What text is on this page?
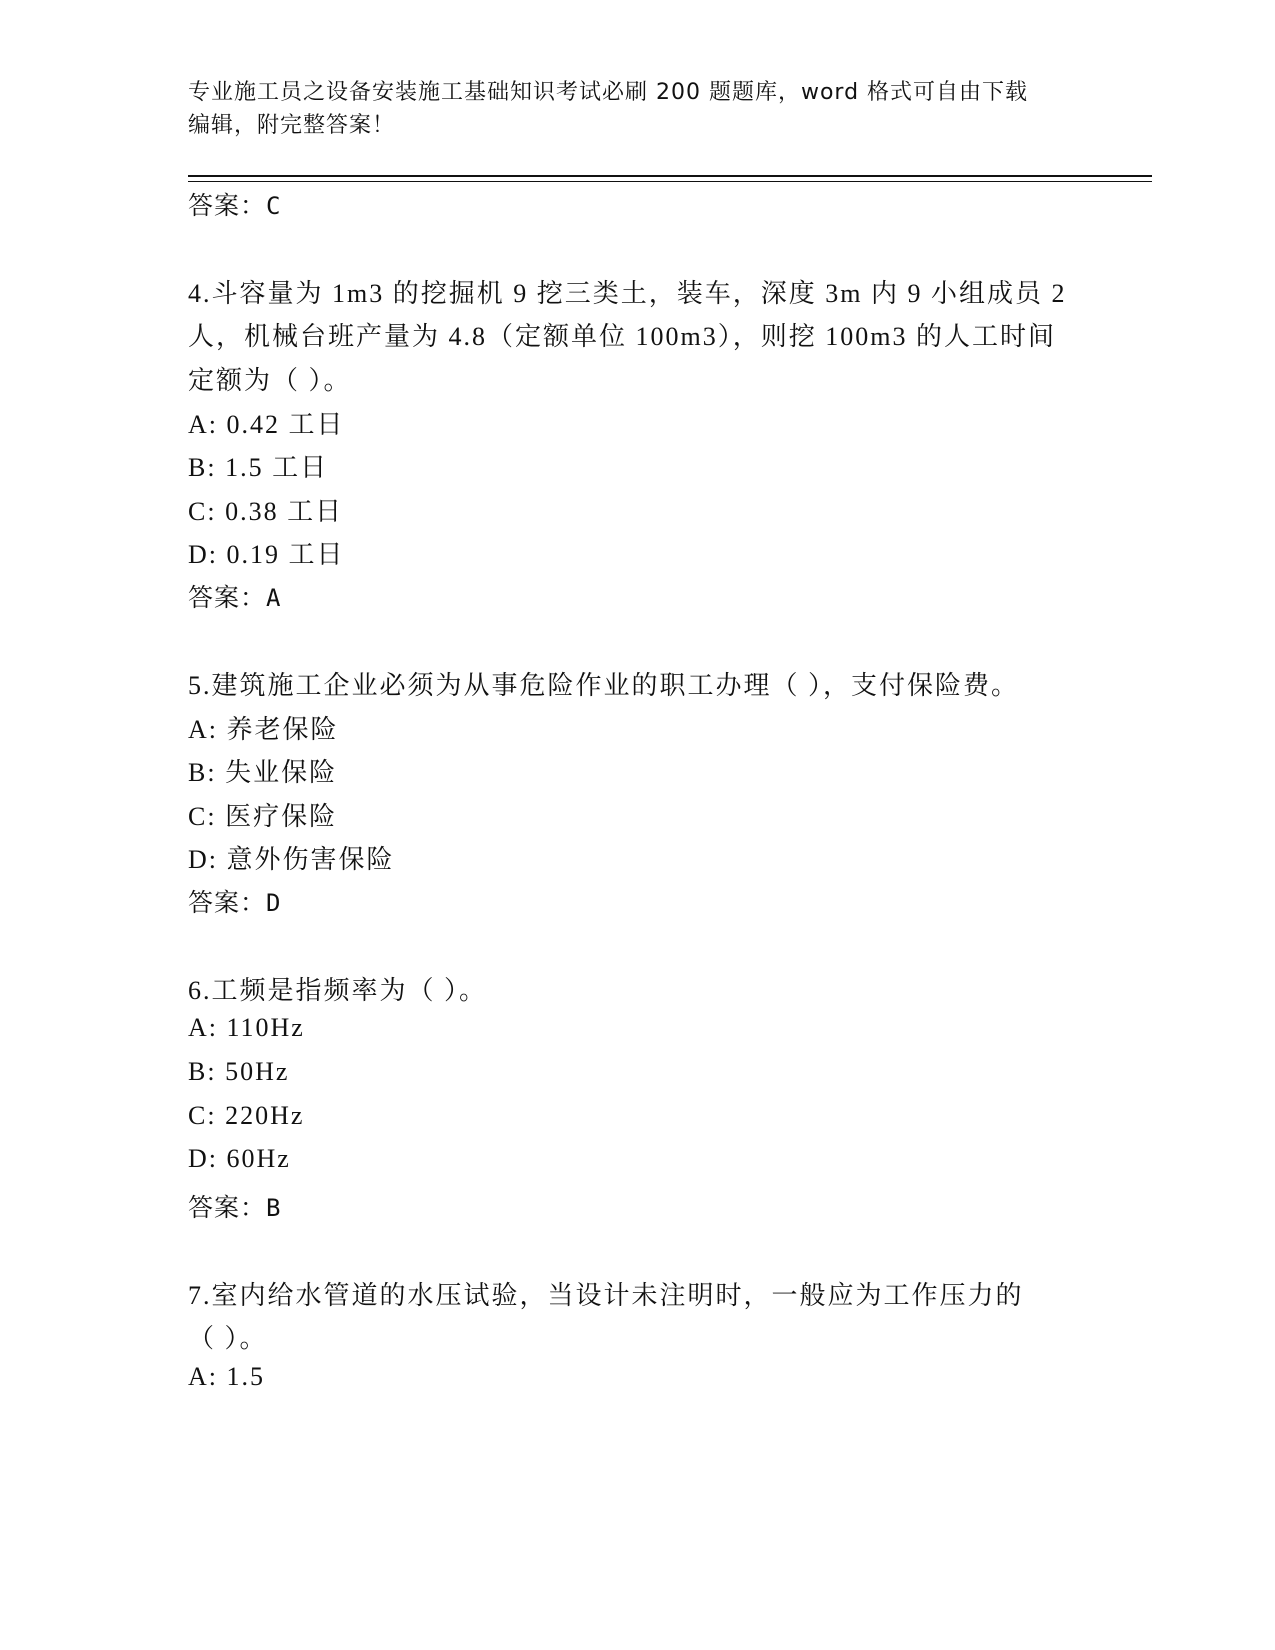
专业施工员之设备安装施工基础知识考试必刷 200 题题库，word 格式可自由下载
编辑，附完整答案！
答案：C
4.斗容量为 1m3 的挖掘机 9 挖三类土，装车，深度 3m 内 9 小组成员 2
人，机械台班产量为 4.8（定额单位 100m3），则挖 100m3 的人工时间
定额为（ ）。
A: 0.42 工日
B: 1.5 工日
C: 0.38 工日
D: 0.19 工日
答案：A
5.建筑施工企业必须为从事危险作业的职工办理（ ），支付保险费。
A: 养老保险
B: 失业保险
C: 医疗保险
D: 意外伤害保险
答案：D
6.工频是指频率为（ ）。
A: 110Hz
B: 50Hz
C: 220Hz
D: 60Hz
答案：B
7.室内给水管道的水压试验，当设计未注明时，一般应为工作压力的
（ ）。
A: 1.5
